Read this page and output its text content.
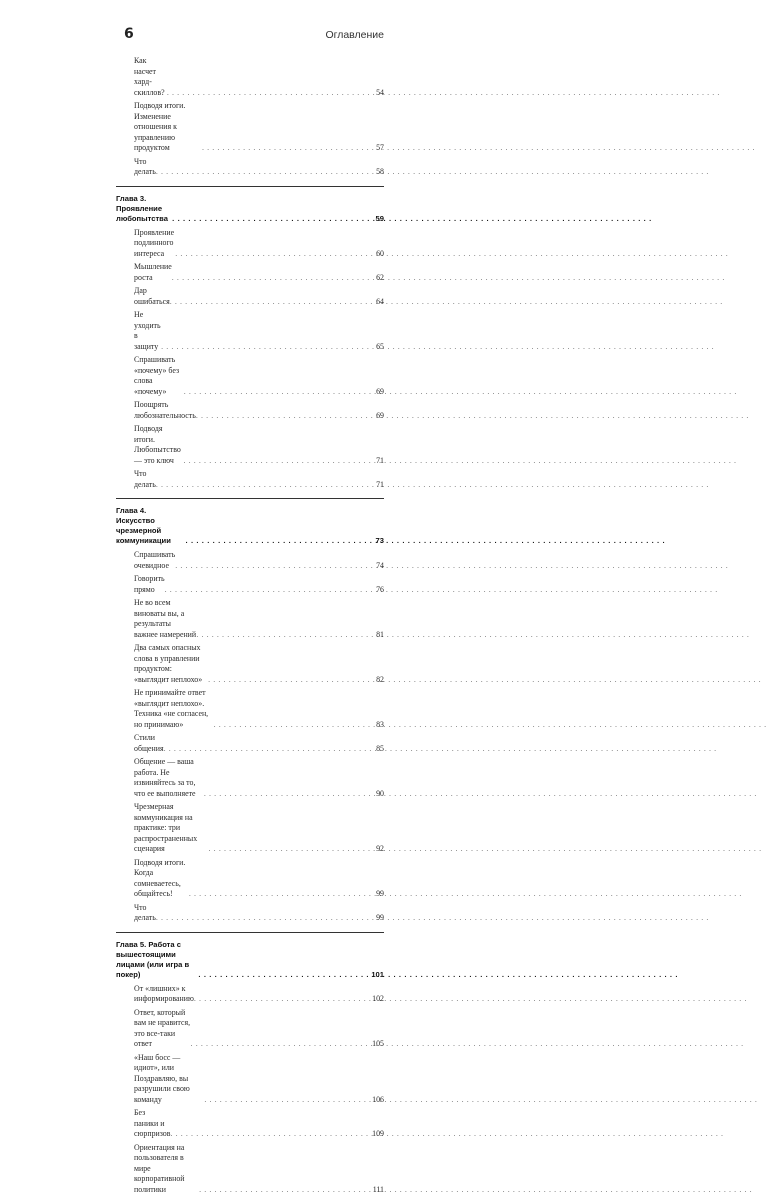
6	Оглавление
Как насчет хард-скиллов? . . .	54
Подводя итоги. Изменение отношения к управлению продуктом . . .	57
Что делать . . .	58
Глава 3. Проявление любопытства . . .	59
Проявление подлинного интереса . . .	60
Мышление роста . . .	62
Дар ошибаться . . .	64
Не уходить в защиту . . .	65
Спрашивать «почему» без слова «почему» . . .	69
Поощрять любознательность . . .	69
Подводя итоги. Любопытство — это ключ . . .	71
Что делать . . .	71
Глава 4. Искусство чрезмерной коммуникации . . .	73
Спрашивать очевидное . . .	74
Говорить прямо . . .	76
Не во всем виноваты вы, а результаты важнее намерений . . .	81
Два самых опасных слова в управлении продуктом: «выглядит неплохо» . . .	82
Не принимайте ответ «выглядит неплохо». Техника «не согласен, но принимаю» . . .	83
Стили общения . . .	85
Общение — ваша работа. Не извиняйтесь за то, что ее выполняете . . .	90
Чрезмерная коммуникация на практике: три распространенных сценария . . .	92
Подводя итоги. Когда сомневаетесь, общайтесь! . . .	99
Что делать . . .	99
Глава 5. Работа с вышестоящими лицами (или игра в покер) . . .	101
От «лишних» к информированию . . .	102
Ответ, который вам не нравится, это все-таки ответ . . .	105
«Наш босс — идиот», или Поздравляю, вы разрушили свою команду . . .	106
Без паники и сюрпризов . . .	109
Ориентация на пользователя в мире корпоративной политики . . .	111
